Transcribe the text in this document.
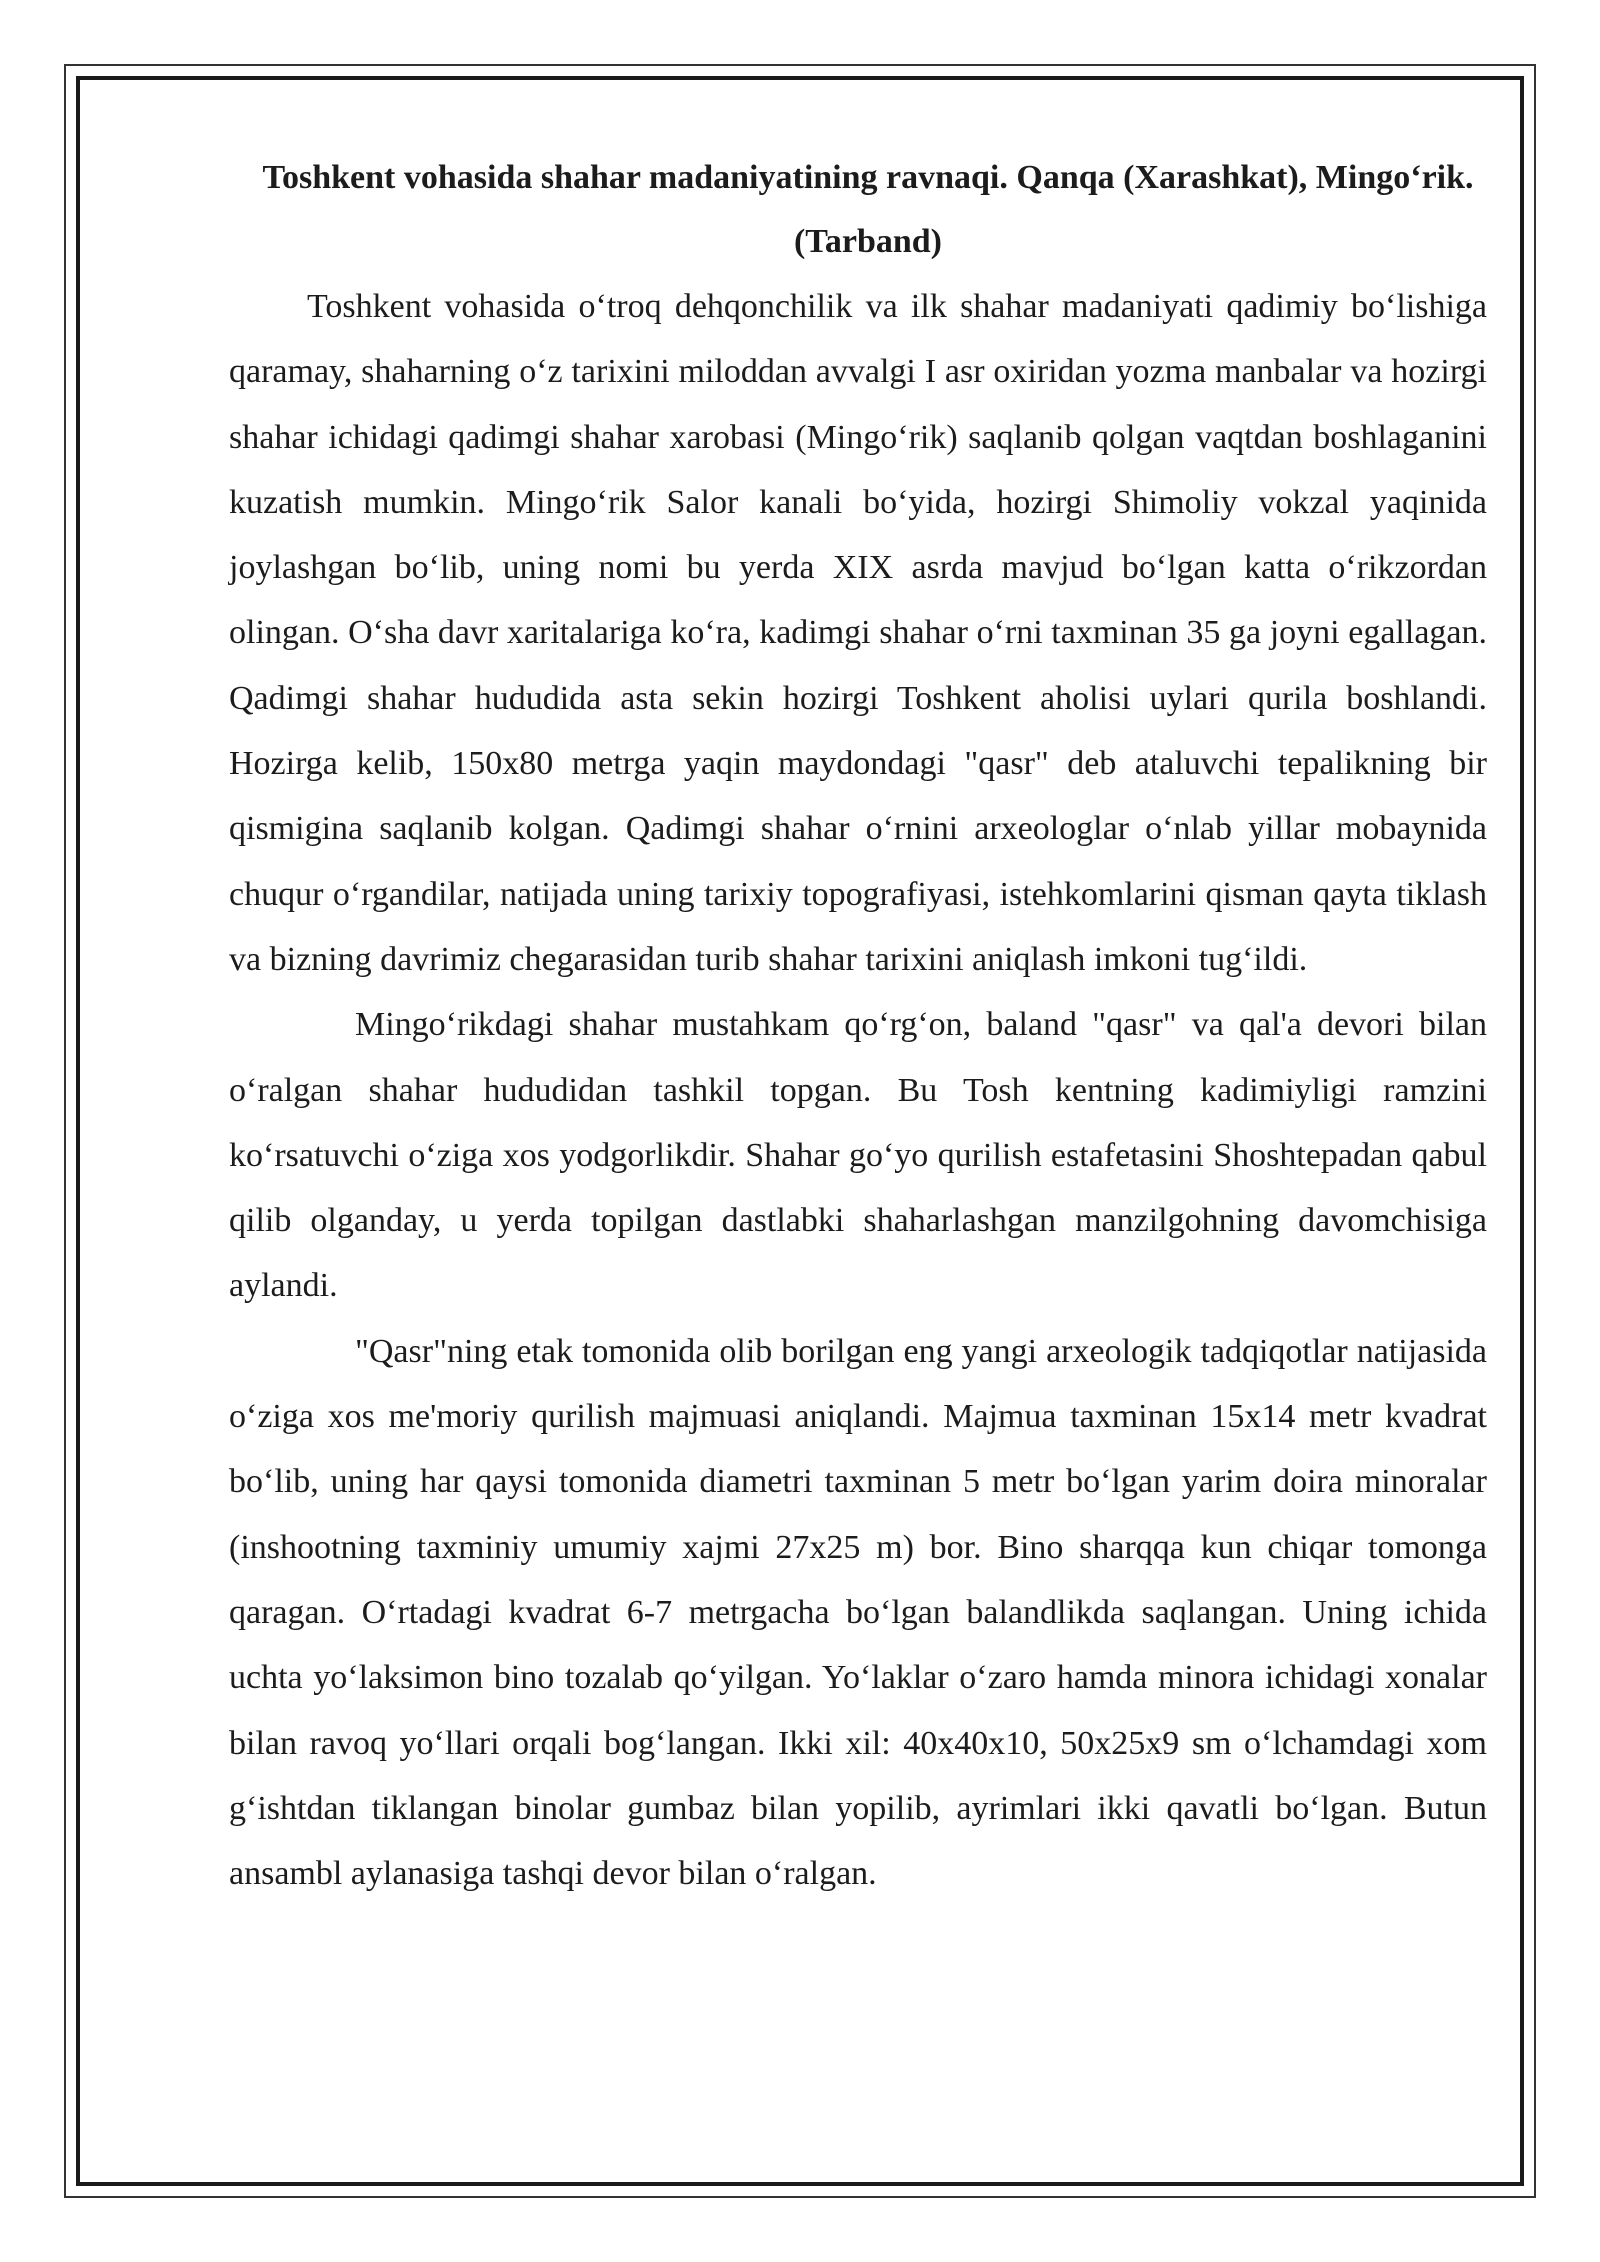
Toshkent vohasida shahar madaniyatining ravnaqi. Qanqa (Xarashkat), Mingo‘rik. (Tarband)

Toshkent vohasida o‘troq dehqonchilik va ilk shahar madaniyati qadimiy bo‘lishiga qaramay, shaharning o‘z tarixini miloddan avvalgi I asr oxiridan yozma manbalar va hozirgi shahar ichidagi qadimgi shahar xarobasi (Mingo‘rik) saqlanib qolgan vaqtdan boshlaganini kuzatish mumkin. Mingo‘rik Salor kanali bo‘yida, hozirgi Shimoliy vokzal yaqinida joylashgan bo‘lib, uning nomi bu yerda XIX asrda mavjud bo‘lgan katta o‘rikzordan olingan. O‘sha davr xaritalariga ko‘ra, kadimgi shahar o‘rni taxminan 35 ga joyni egallagan. Qadimgi shahar hududida asta sekin hozirgi Toshkent aholisi uylari qurila boshlandi. Hozirga kelib, 150x80 metrga yaqin maydondagi "qasr" deb ataluvchi tepalikning bir qismigina saqlanib kolgan. Qadimgi shahar o‘rnini arxeologlar o‘nlab yillar mobaynida chuqur o‘rgandilar, natijada uning tarixiy topografiyasi, istehkomlarini qisman qayta tiklash va bizning davrimiz chegarasidan turib shahar tarixini aniqlash imkoni tug‘ildi.

Mingo‘rikdagi shahar mustahkam qo‘rg‘on, baland "qasr" va qal'a devori bilan o‘ralgan shahar hududidan tashkil topgan. Bu Tosh kentning kadimiyligi ramzini ko‘rsatuvchi o‘ziga xos yodgorlikdir. Shahar go‘yo qurilish estafetasini Shoshtepadan qabul qilib olganday, u yerda topilgan dastlabki shaharlashgan manzilgohning davomchisiga aylandi.

"Qasr"ning etak tomonida olib borilgan eng yangi arxeologik tadqiqotlar natijasida o‘ziga xos me'moriy qurilish majmuasi aniqlandi. Majmua taxminan 15x14 metr kvadrat bo‘lib, uning har qaysi tomonida diametri taxminan 5 metr bo‘lgan yarim doira minoralar (inshootning taxminiy umumiy xajmi 27x25 m) bor. Bino sharqqa kun chiqar tomonga qaragan. O‘rtadagi kvadrat 6-7 metrgacha bo‘lgan balandlikda saqlangan. Uning ichida uchta yo‘laksimon bino tozalab qo‘yilgan. Yo‘laklar o‘zaro hamda minora ichidagi xonalar bilan ravoq yo‘llari orqali bog‘langan. Ikki xil: 40x40x10, 50x25x9 sm o‘lchamdagi xom g‘ishtdan tiklangan binolar gumbaz bilan yopilib, ayrimlari ikki qavatli bo‘lgan. Butun ansambl aylanasiga tashqi devor bilan o‘ralgan.
